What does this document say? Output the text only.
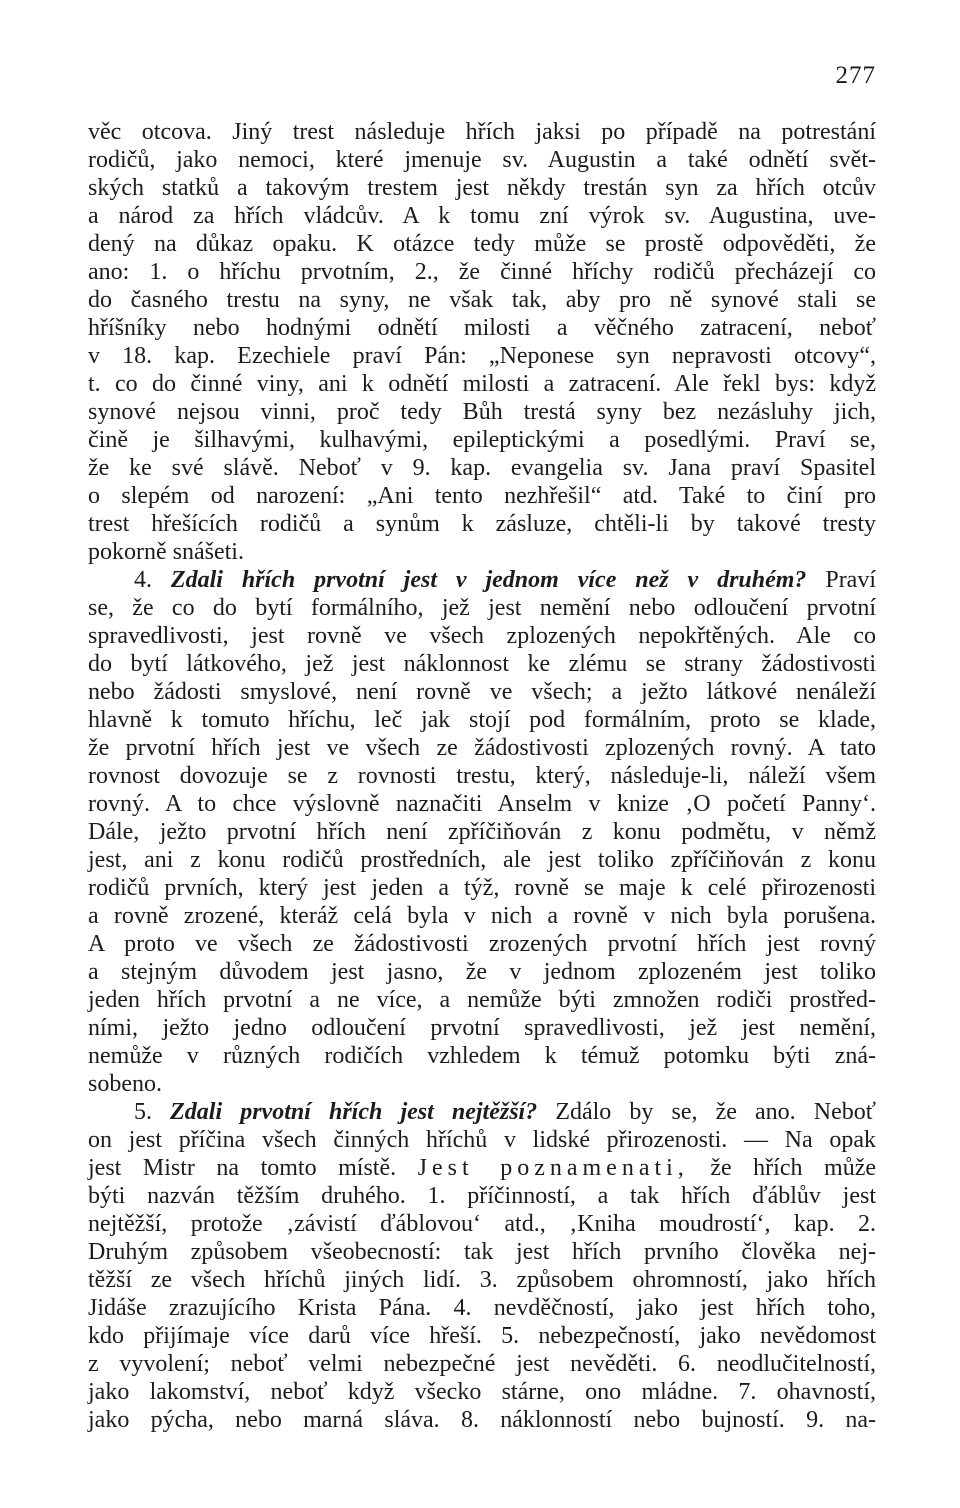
277
věc otcova. Jiný trest následuje hřích jaksi po případě na potrestání
rodičů, jako nemoci, které jmenuje sv. Augustin a také odnětí svět-
ských statků a takovým trestem jest někdy trestán syn za hřích otcův
a národ za hřích vládcův. A k tomu zní výrok sv. Augustina, uve-
dený na důkaz opaku. K otázce tedy může se prostě odpověděti, že
ano: 1. o hříchu prvotním, 2., že činné hříchy rodičů přecházejí co
do časného trestu na syny, ne však tak, aby pro ně synové stali se
hříšníky nebo hodnými odnětí milosti a věčného zatracení, neboť
v 18. kap. Ezechiele praví Pán: „Neponese syn nepravosti otcovy“,
t. co do činné viny, ani k odnětí milosti a zatracení. Ale řekl bys: když
synové nejsou vinni, proč tedy Bůh trestá syny bez nezásluhy jich,
čině je šilhavými, kulhavými, epileptickými a posedlými. Praví se,
že ke své slávě. Neboť v 9. kap. evangelia sv. Jana praví Spasitel
o slepém od narození: „Ani tento nezhřešil“ atd. Také to činí pro
trest hřešících rodičů a synům k zásluze, chtěli-li by takové tresty
pokorně snášeti.
4. Zdali hřích prvotní jest v jednom více než v druhém? Praví
se, že co do bytí formálního, jež jest nemění nebo odloučení prvotní
spravedlivosti, jest rovně ve všech zplozených nepokřtěných. Ale co
do bytí látkového, jež jest náklonnost ke zlému se strany žádostivosti
nebo žádosti smyslové, není rovně ve všech; a ježto látkové nenáleží
hlavně k tomuto hříchu, leč jak stojí pod formálním, proto se klade,
že prvotní hřích jest ve všech ze žádostivosti zplozených rovný. A tato
rovnost dovozuje se z rovnosti trestu, který, následuje-li, náleží všem
rovný. A to chce výslovně naznačiti Anselm v knize ‚O početí Panny‘.
Dále, ježto prvotní hřích není zpříčiňován z konu podmětu, v němž
jest, ani z konu rodičů prostředních, ale jest toliko zpříčiňován z konu
rodičů prvních, který jest jeden a týž, rovně se maje k celé přirozenosti
a rovně zrozené, kteráž celá byla v nich a rovně v nich byla porušena.
A proto ve všech ze žádostivosti zrozených prvotní hřích jest rovný
a stejným důvodem jest jasno, že v jednom zplozeném jest toliko
jeden hřích prvotní a ne více, a nemůže býti zmnožen rodiči prostřed-
ními, ježto jedno odloučení prvotní spravedlivosti, jež jest nemění,
nemůže v různých rodičích vzhledem k témuž potomku býti zná-
sobeno.
5. Zdali prvotní hřích jest nejtěžší? Zdálo by se, že ano. Neboť
on jest příčina všech činných hříchů v lidské přirozenosti. — Na opak
jest Mistr na tomto místě. Jest poznamenati, že hřích může
býti nazván těžším druhého. 1. příčinností, a tak hřích ďáblův jest
nejtěžší, protože ‚závistí ďáblovou‘ atd., ‚Kniha moudrostí‘, kap. 2.
Druhým způsobem všeobecností: tak jest hřích prvního člověka nej-
těžší ze všech hříchů jiných lidí. 3. způsobem ohromností, jako hřích
Jidáše zrazujícího Krista Pána. 4. nevděčností, jako jest hřích toho,
kdo přijímaje více darů více hřeší. 5. nebezpečností, jako nevědomost
z vyvolení; neboť velmi nebezpečné jest nevěděti. 6. neodlučitelností,
jako lakomství, neboť když všecko stárne, ono mládne. 7. ohavností,
jako pýcha, nebo marná sláva. 8. náklonností nebo bujností. 9. na-
